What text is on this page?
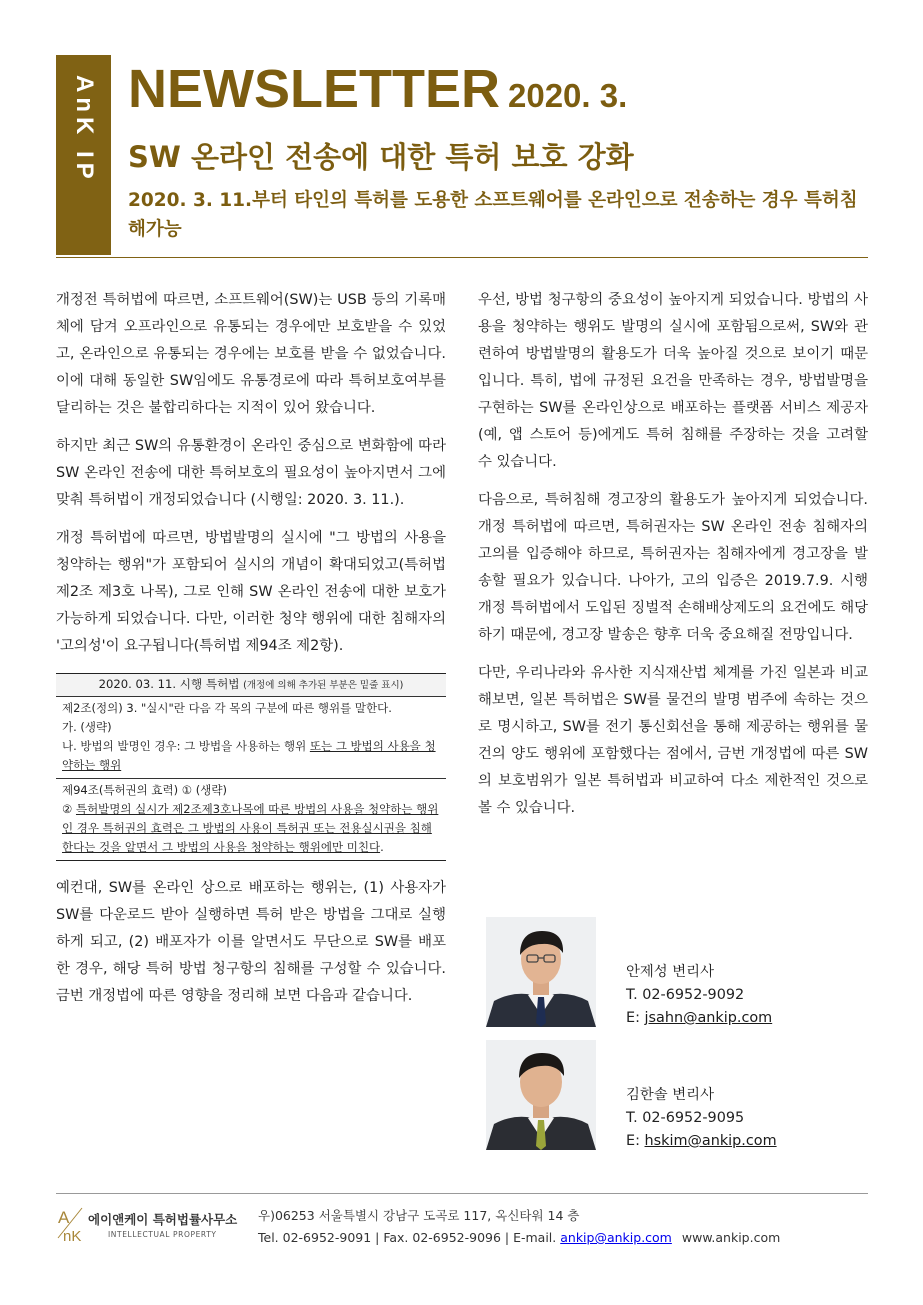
AnK IP NEWSLETTER 2020. 3.
SW 온라인 전송에 대한 특허 보호 강화

2020. 3. 11.부터 타인의 특허를 도용한 소프트웨어를 온라인으로 전송하는 경우 특허침해가능

개정전 특허법에 따르면, 소프트웨어(SW)는 USB 등의 기록매체에 담겨 오프라인으로 유통되는 경우에만 보호받을 수 있었고, 온라인으로 유통되는 경우에는 보호를 받을 수 없었습니다. 이에 대해 동일한 SW임에도 유통경로에 따라 특허보호여부를 달리하는 것은 불합리하다는 지적이 있어 왔습니다.

하지만 최근 SW의 유통환경이 온라인 중심으로 변화함에 따라 SW 온라인 전송에 대한 특허보호의 필요성이 높아지면서 그에 맞춰 특허법이 개정되었습니다 (시행일: 2020. 3. 11.).

개정 특허법에 따르면, 방법발명의 실시에 "그 방법의 사용을 청약하는 행위"가 포함되어 실시의 개념이 확대되었고(특허법 제2조 제3호 나목), 그로 인해 SW 온라인 전송에 대한 보호가 가능하게 되었습니다. 다만, 이러한 청약 행위에 대한 침해자의 '고의성'이 요구됩니다(특허법 제94조 제2항).

2020. 03. 11. 시행 특허법 (개정에 의해 추가된 부분은 밑줄 표시)
제2조(정의) 3. "실시"란 다음 각 목의 구분에 따른 행위를 말한다.
가. (생략)
나. 방법의 발명인 경우: 그 방법을 사용하는 행위 또는 그 방법의 사용을 청약하는 행위
제94조(특허권의 효력) ① (생략)
② 특허발명의 실시가 제2조제3호나목에 따른 방법의 사용을 청약하는 행위인 경우 특허권의 효력은 그 방법의 사용이 특허권 또는 전용실시권을 침해한다는 것을 알면서 그 방법의 사용을 청약하는 행위에만 미친다.

예컨대, SW를 온라인 상으로 배포하는 행위는, (1) 사용자가 SW를 다운로드 받아 실행하면 특허 받은 방법을 그대로 실행하게 되고, (2) 배포자가 이를 알면서도 무단으로 SW를 배포한 경우, 해당 특허 방법 청구항의 침해를 구성할 수 있습니다. 금번 개정법에 따른 영향을 정리해 보면 다음과 같습니다.

우선, 방법 청구항의 중요성이 높아지게 되었습니다. 방법의 사용을 청약하는 행위도 발명의 실시에 포함됨으로써, SW와 관련하여 방법발명의 활용도가 더욱 높아질 것으로 보이기 때문입니다. 특히, 법에 규정된 요건을 만족하는 경우, 방법발명을 구현하는 SW를 온라인상으로 배포하는 플랫폼 서비스 제공자(예, 앱 스토어 등)에게도 특허 침해를 주장하는 것을 고려할 수 있습니다.

다음으로, 특허침해 경고장의 활용도가 높아지게 되었습니다. 개정 특허법에 따르면, 특허권자는 SW 온라인 전송 침해자의 고의를 입증해야 하므로, 특허권자는 침해자에게 경고장을 발송할 필요가 있습니다. 나아가, 고의 입증은 2019.7.9. 시행 개정 특허법에서 도입된 징벌적 손해배상제도의 요건에도 해당하기 때문에, 경고장 발송은 향후 더욱 중요해질 전망입니다.

다만, 우리나라와 유사한 지식재산법 체계를 가진 일본과 비교해보면, 일본 특허법은 SW를 물건의 발명 범주에 속하는 것으로 명시하고, SW를 전기 통신회선을 통해 제공하는 행위를 물건의 양도 행위에 포함했다는 점에서, 금번 개정법에 따른 SW의 보호범위가 일본 특허법과 비교하여 다소 제한적인 것으로 볼 수 있습니다.

안제성 변리사
T. 02-6952-9092
E: jsahn@ankip.com
김한솔 변리사
T. 02-6952-9095
E: hskim@ankip.com
A
nK
에이앤케이 특허법률사무소
INTELLECTUAL PROPERTY
우)06253 서울특별시 강남구 도곡로 117, 옥신타워 14 층
Tel. 02-6952-9091 | Fax. 02-6952-9096 | E-mail. ankip@ankip.com www.ankip.com
